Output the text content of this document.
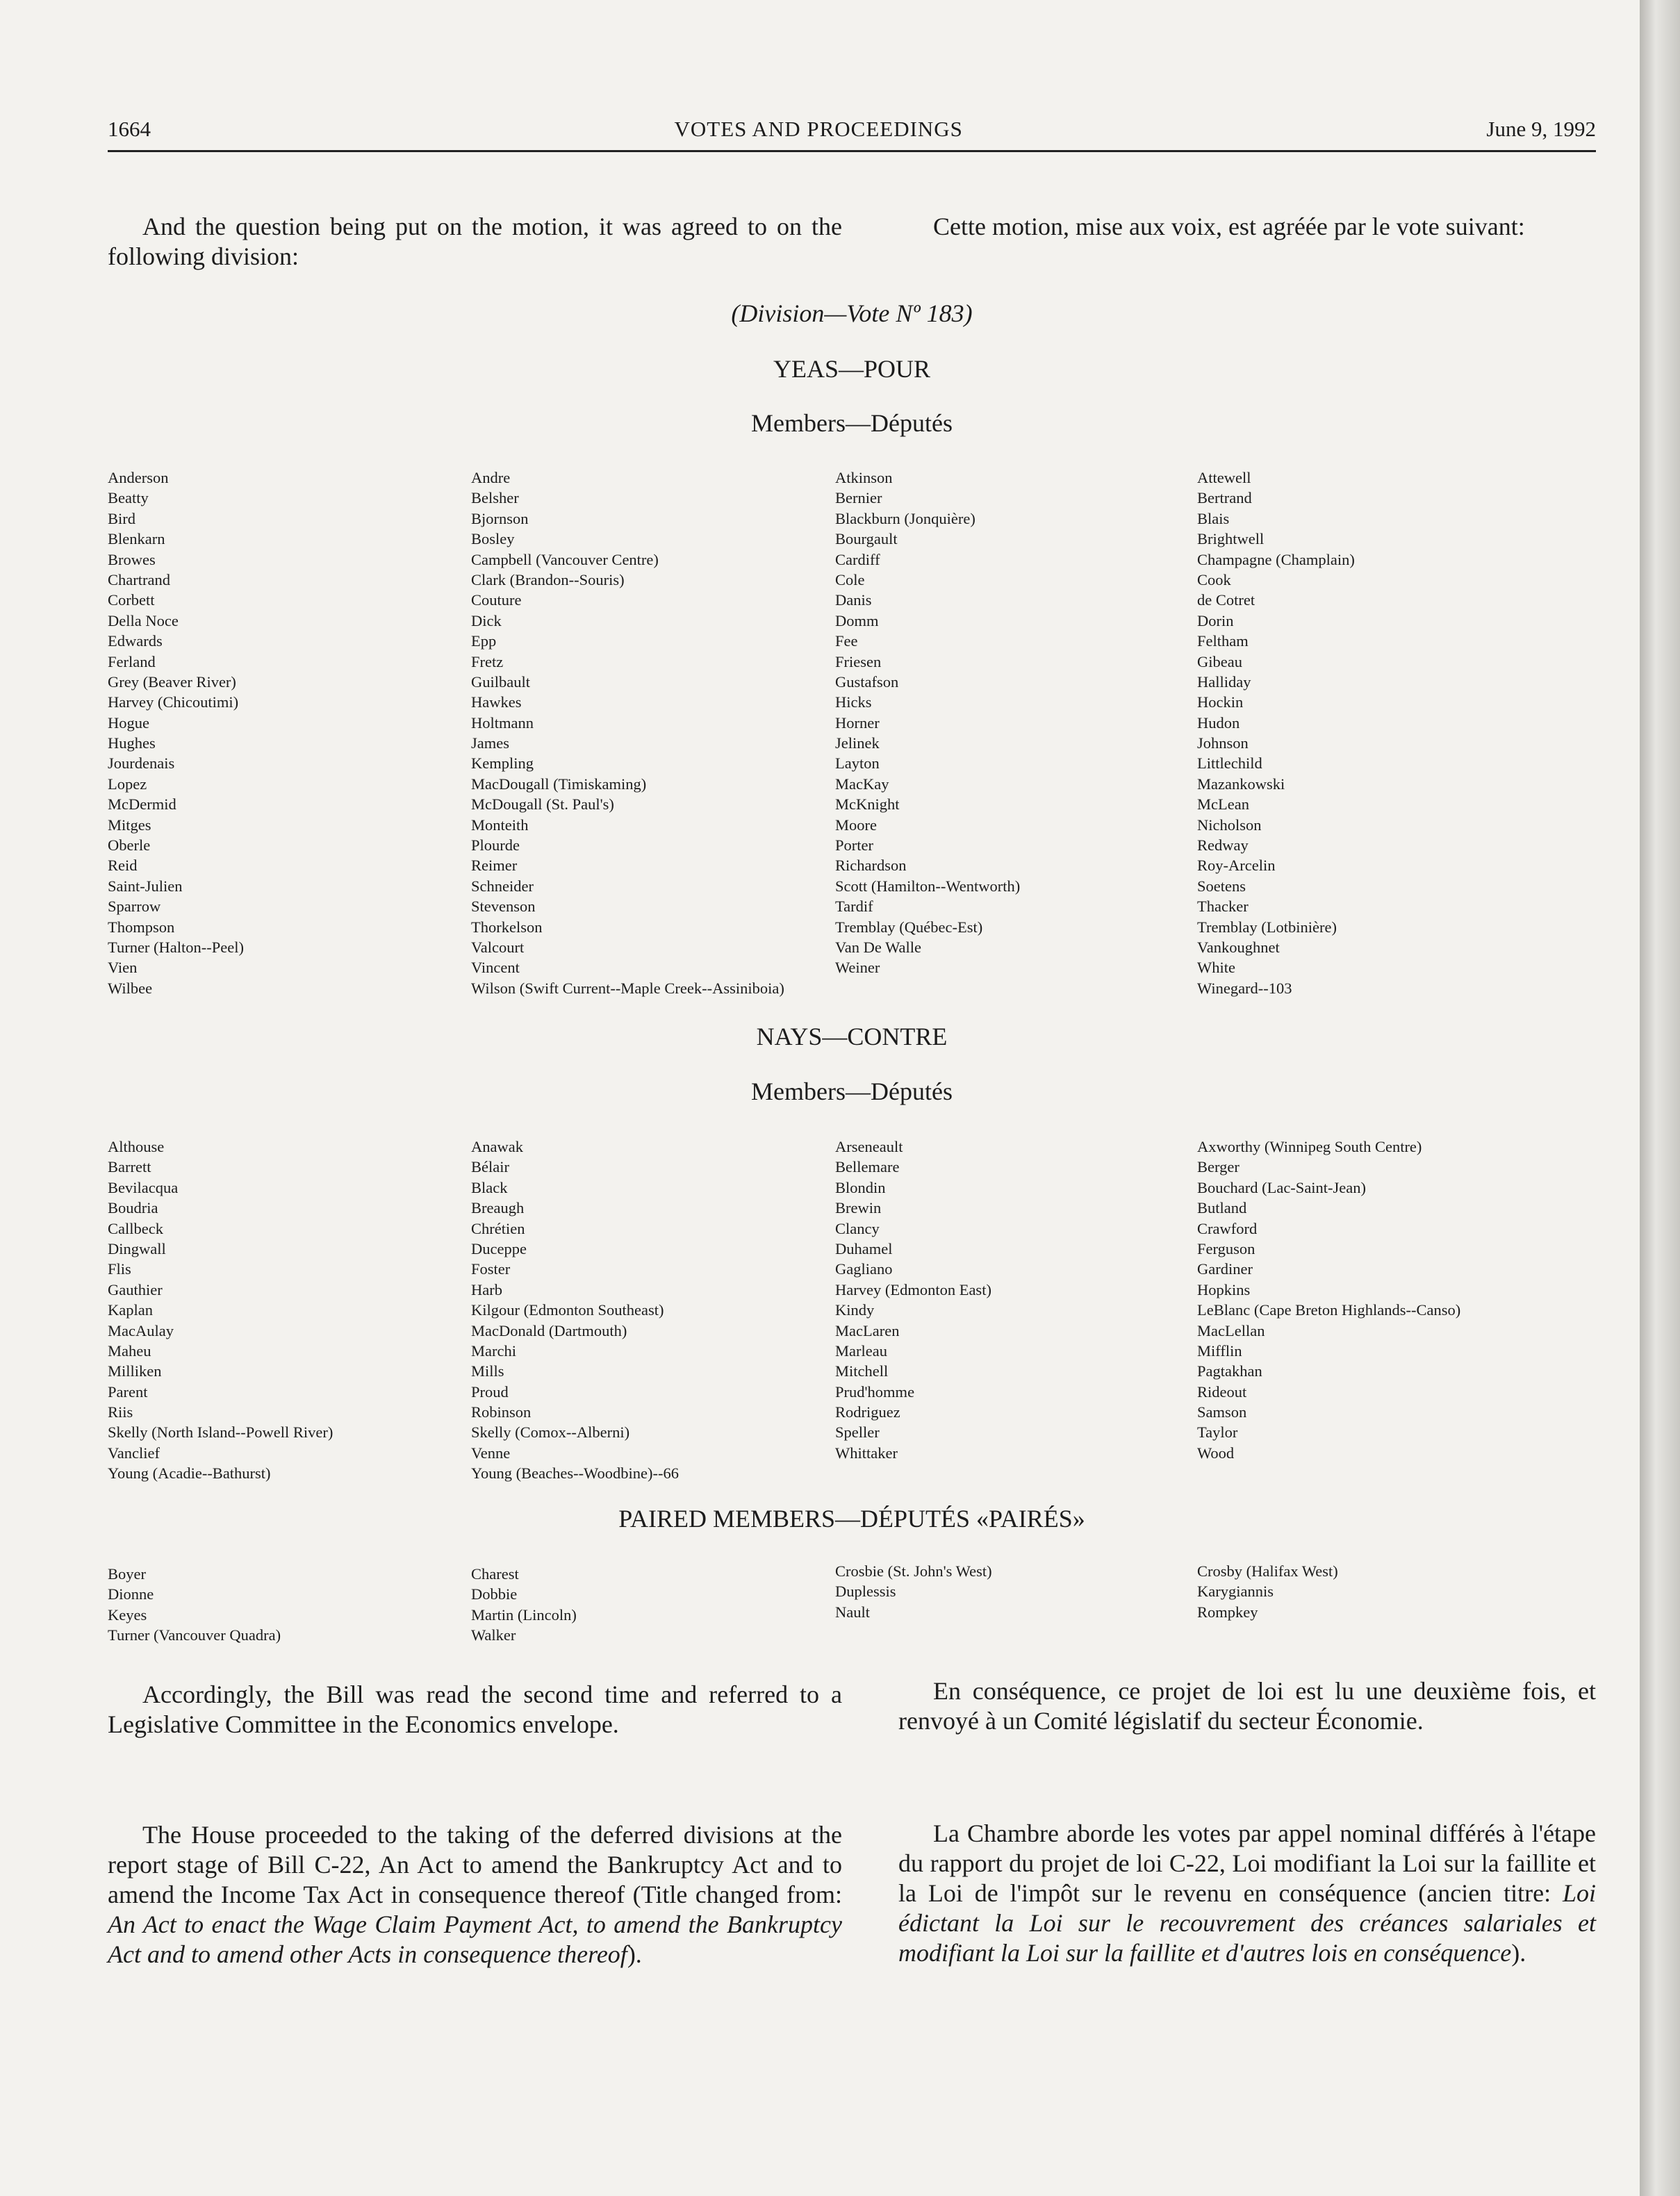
1664	VOTES AND PROCEEDINGS	June 9, 1992
And the question being put on the motion, it was agreed to on the following division:
Cette motion, mise aux voix, est agréée par le vote suivant:
(Division—Vote Nº 183)
YEAS—POUR
Members—Députés
Anderson
Beatty
Bird
Blenkarn
Browes
Chartrand
Corbett
Della Noce
Edwards
Ferland
Grey (Beaver River)
Harvey (Chicoutimi)
Hogue
Hughes
Jourdenais
Lopez
McDermid
Mitges
Oberle
Reid
Saint-Julien
Sparrow
Thompson
Turner (Halton--Peel)
Vien
Wilbee
Andre
Belsher
Bjornson
Bosley
Campbell (Vancouver Centre)
Clark (Brandon--Souris)
Couture
Dick
Epp
Fretz
Guilbault
Hawkes
Holtmann
James
Kempling
MacDougall (Timiskaming)
McDougall (St. Paul's)
Monteith
Plourde
Reimer
Schneider
Stevenson
Thorkelson
Valcourt
Vincent
Wilson (Swift Current--Maple Creek--Assiniboia)
Atkinson
Bernier
Blackburn (Jonquière)
Bourgault
Cardiff
Cole
Danis
Domm
Fee
Friesen
Gustafson
Hicks
Horner
Jelinek
Layton
MacKay
McKnight
Moore
Porter
Richardson
Scott (Hamilton--Wentworth)
Tardif
Tremblay (Québec-Est)
Van De Walle
Weiner
Attewell
Bertrand
Blais
Brightwell
Champagne (Champlain)
Cook
de Cotret
Dorin
Feltham
Gibeau
Halliday
Hockin
Hudon
Johnson
Littlechild
Mazankowski
McLean
Nicholson
Redway
Roy-Arcelin
Soetens
Thacker
Tremblay (Lotbinière)
Vankoughnet
White
Winegard--103
NAYS—CONTRE
Members—Députés
Althouse
Barrett
Bevilacqua
Boudria
Callbeck
Dingwall
Flis
Gauthier
Kaplan
MacAulay
Maheu
Milliken
Parent
Riis
Skelly (North Island--Powell River)
Vanclief
Young (Acadie--Bathurst)
Anawak
Bélair
Black
Breaugh
Chrétien
Duceppe
Foster
Harb
Kilgour (Edmonton Southeast)
MacDonald (Dartmouth)
Marchi
Mills
Proud
Robinson
Skelly (Comox--Alberni)
Venne
Young (Beaches--Woodbine)--66
Arseneault
Bellemare
Blondin
Brewin
Clancy
Duhamel
Gagliano
Harvey (Edmonton East)
Kindy
MacLaren
Marleau
Mitchell
Prud'homme
Rodriguez
Speller
Whittaker
Axworthy (Winnipeg South Centre)
Berger
Bouchard (Lac-Saint-Jean)
Butland
Crawford
Ferguson
Gardiner
Hopkins
LeBlanc (Cape Breton Highlands--Canso)
MacLellan
Mifflin
Pagtakhan
Rideout
Samson
Taylor
Wood
PAIRED MEMBERS—DÉPUTÉS «PAIRÉS»
Boyer
Dionne
Keyes
Turner (Vancouver Quadra)
Charest
Dobbie
Martin (Lincoln)
Walker
Crosbie (St. John's West)
Duplessis
Nault
Crosby (Halifax West)
Karygiannis
Rompkey
Accordingly, the Bill was read the second time and referred to a Legislative Committee in the Economics envelope.
En conséquence, ce projet de loi est lu une deuxième fois, et renvoyé à un Comité législatif du secteur Économie.
The House proceeded to the taking of the deferred divisions at the report stage of Bill C-22, An Act to amend the Bankruptcy Act and to amend the Income Tax Act in consequence thereof (Title changed from: An Act to enact the Wage Claim Payment Act, to amend the Bankruptcy Act and to amend other Acts in consequence thereof).
La Chambre aborde les votes par appel nominal différés à l'étape du rapport du projet de loi C-22, Loi modifiant la Loi sur la faillite et la Loi de l'impôt sur le revenu en conséquence (ancien titre: Loi édictant la Loi sur le recouvrement des créances salariales et modifiant la Loi sur la faillite et d'autres lois en conséquence).
